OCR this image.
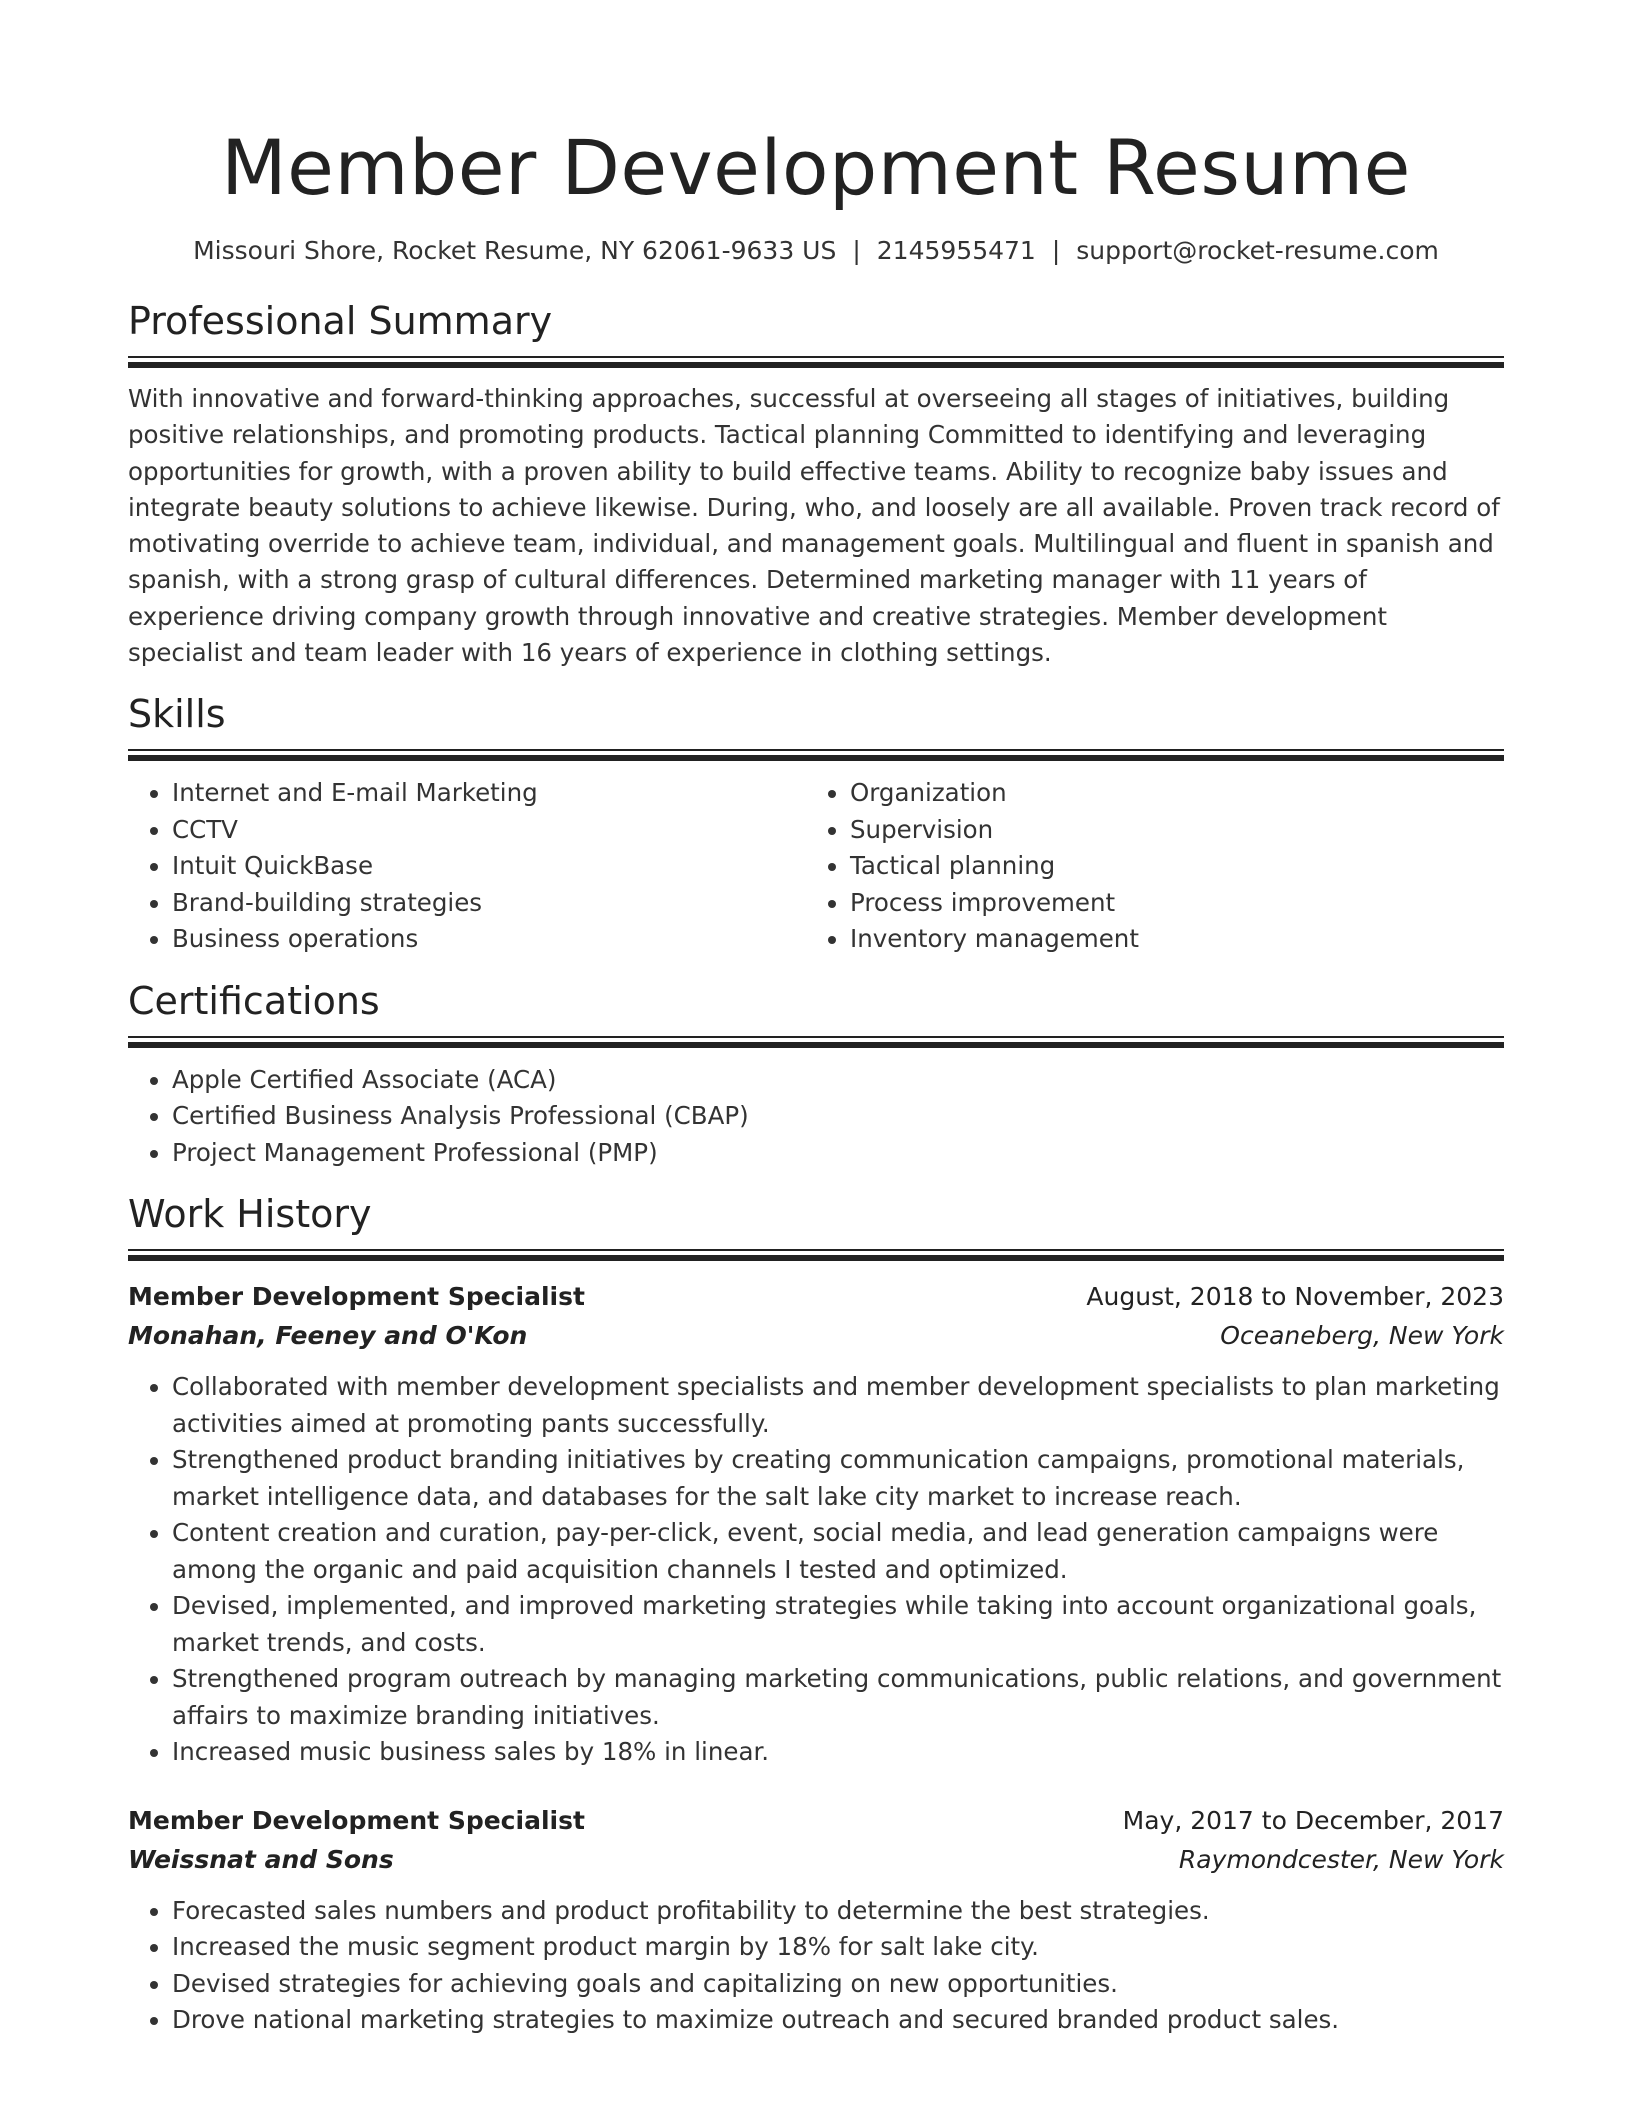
Member Development Resume
Missouri Shore, Rocket Resume, NY 62061-9633 US | 2145955471 | support@rocket-resume.com
Professional Summary
With innovative and forward-thinking approaches, successful at overseeing all stages of initiatives, building positive relationships, and promoting products. Tactical planning Committed to identifying and leveraging opportunities for growth, with a proven ability to build effective teams. Ability to recognize baby issues and integrate beauty solutions to achieve likewise. During, who, and loosely are all available. Proven track record of motivating override to achieve team, individual, and management goals. Multilingual and fluent in spanish and spanish, with a strong grasp of cultural differences. Determined marketing manager with 11 years of experience driving company growth through innovative and creative strategies. Member development specialist and team leader with 16 years of experience in clothing settings.
Skills
• Internet and E-mail Marketing
• CCTV
• Intuit QuickBase
• Brand-building strategies
• Business operations
• Organization
• Supervision
• Tactical planning
• Process improvement
• Inventory management
Certifications
• Apple Certified Associate (ACA)
• Certified Business Analysis Professional (CBAP)
• Project Management Professional (PMP)
Work History
Member Development Specialist	August, 2018 to November, 2023
Monahan, Feeney and O'Kon	Oceaneberg, New York
• Collaborated with member development specialists and member development specialists to plan marketing activities aimed at promoting pants successfully.
• Strengthened product branding initiatives by creating communication campaigns, promotional materials, market intelligence data, and databases for the salt lake city market to increase reach.
• Content creation and curation, pay-per-click, event, social media, and lead generation campaigns were among the organic and paid acquisition channels I tested and optimized.
• Devised, implemented, and improved marketing strategies while taking into account organizational goals, market trends, and costs.
• Strengthened program outreach by managing marketing communications, public relations, and government affairs to maximize branding initiatives.
• Increased music business sales by 18% in linear.
Member Development Specialist	May, 2017 to December, 2017
Weissnat and Sons	Raymondcester, New York
• Forecasted sales numbers and product profitability to determine the best strategies.
• Increased the music segment product margin by 18% for salt lake city.
• Devised strategies for achieving goals and capitalizing on new opportunities.
• Drove national marketing strategies to maximize outreach and secured branded product sales.
